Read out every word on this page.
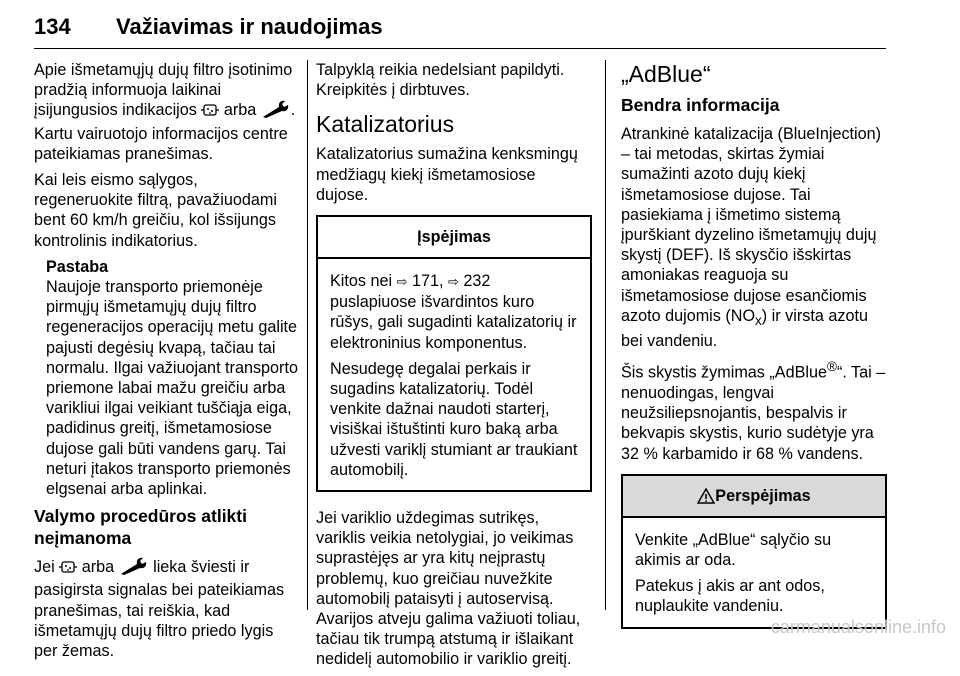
134 Važiavimas ir naudojimas

Apie išmetamųjų dujų filtro įsotinimo pradžią informuoja laikinai įsijungusios indikacijos  arba . Kartu vairuotojo informacijos centre pateikiamas pranešimas.

Kai leis eismo sąlygos, regeneruokite filtrą, pavažiuodami bent 60 km/h greičiu, kol išsijungs kontrolinis indikatorius.

Pastaba

Naujoje transporto priemonėje pirmųjų išmetamųjų dujų filtro regeneracijos operacijų metu galite pajusti degėsių kvapą, tačiau tai normalu. Ilgai važiuojant transporto priemone labai mažu greičiu arba varikliui ilgai veikiant tuščiąja eiga, padidinus greitį, išmetamosiose dujose gali būti vandens garų. Tai neturi įtakos transporto priemonės elgsenai arba aplinkai.

Valymo procedūros atlikti neįmanoma

Jei  arba  lieka šviesti ir pasigirsta signalas bei pateikiamas pranešimas, tai reiškia, kad išmetamųjų dujų filtro priedo lygis per žemas.

Talpyklą reikia nedelsiant papildyti. Kreipkitės į dirbtuves.

Katalizatorius

Katalizatorius sumažina kenksmingų medžiagų kiekį išmetamosiose dujose.

Įspėjimas

Kitos nei ⇨ 171, ⇨ 232 puslapiuose išvardintos kuro rūšys, gali sugadinti katalizatorių ir elektroninius komponentus.

Nesudegę degalai perkais ir sugadins katalizatorių. Todėl venkite dažnai naudoti starterį, visiškai ištuštinti kuro baką arba užvesti variklį stumiant ar traukiant automobilį.

Jei variklio uždegimas sutrikęs, variklis veikia netolygiai, jo veikimas suprastėjęs ar yra kitų neįprastų problemų, kuo greičiau nuvežkite automobilį pataisyti į autoservisą. Avarijos atveju galima važiuoti toliau, tačiau tik trumpą atstumą ir išlaikant nedidelį automobilio ir variklio greitį.

„AdBlue“
Bendra informacija

Atrankinė katalizacija (BlueInjection) – tai metodas, skirtas žymiai sumažinti azoto dujų kiekį išmetamosiose dujose. Tai pasiekiama į išmetimo sistemą įpurškiant dyzelino išmetamųjų dujų skystį (DEF). Iš skysčio išskirtas amoniakas reaguoja su išmetamosiose dujose esančiomis azoto dujomis $(NO_x)$ ir virsta azotu bei vandeniu.

Šis skystis žymimas „AdBlue®“. Tai – nenuodingas, lengvai neužsiliepsnojantis, bespalvis ir bekvapis skystis, kurio sudėtyje yra 32 % karbamido ir 68 % vandens.

Perspėjimas

Venkite „AdBlue“ sąlyčio su akimis ar oda.

Patekus į akis ar ant odos, nuplaukite vandeniu.

carmanualsonline.info
